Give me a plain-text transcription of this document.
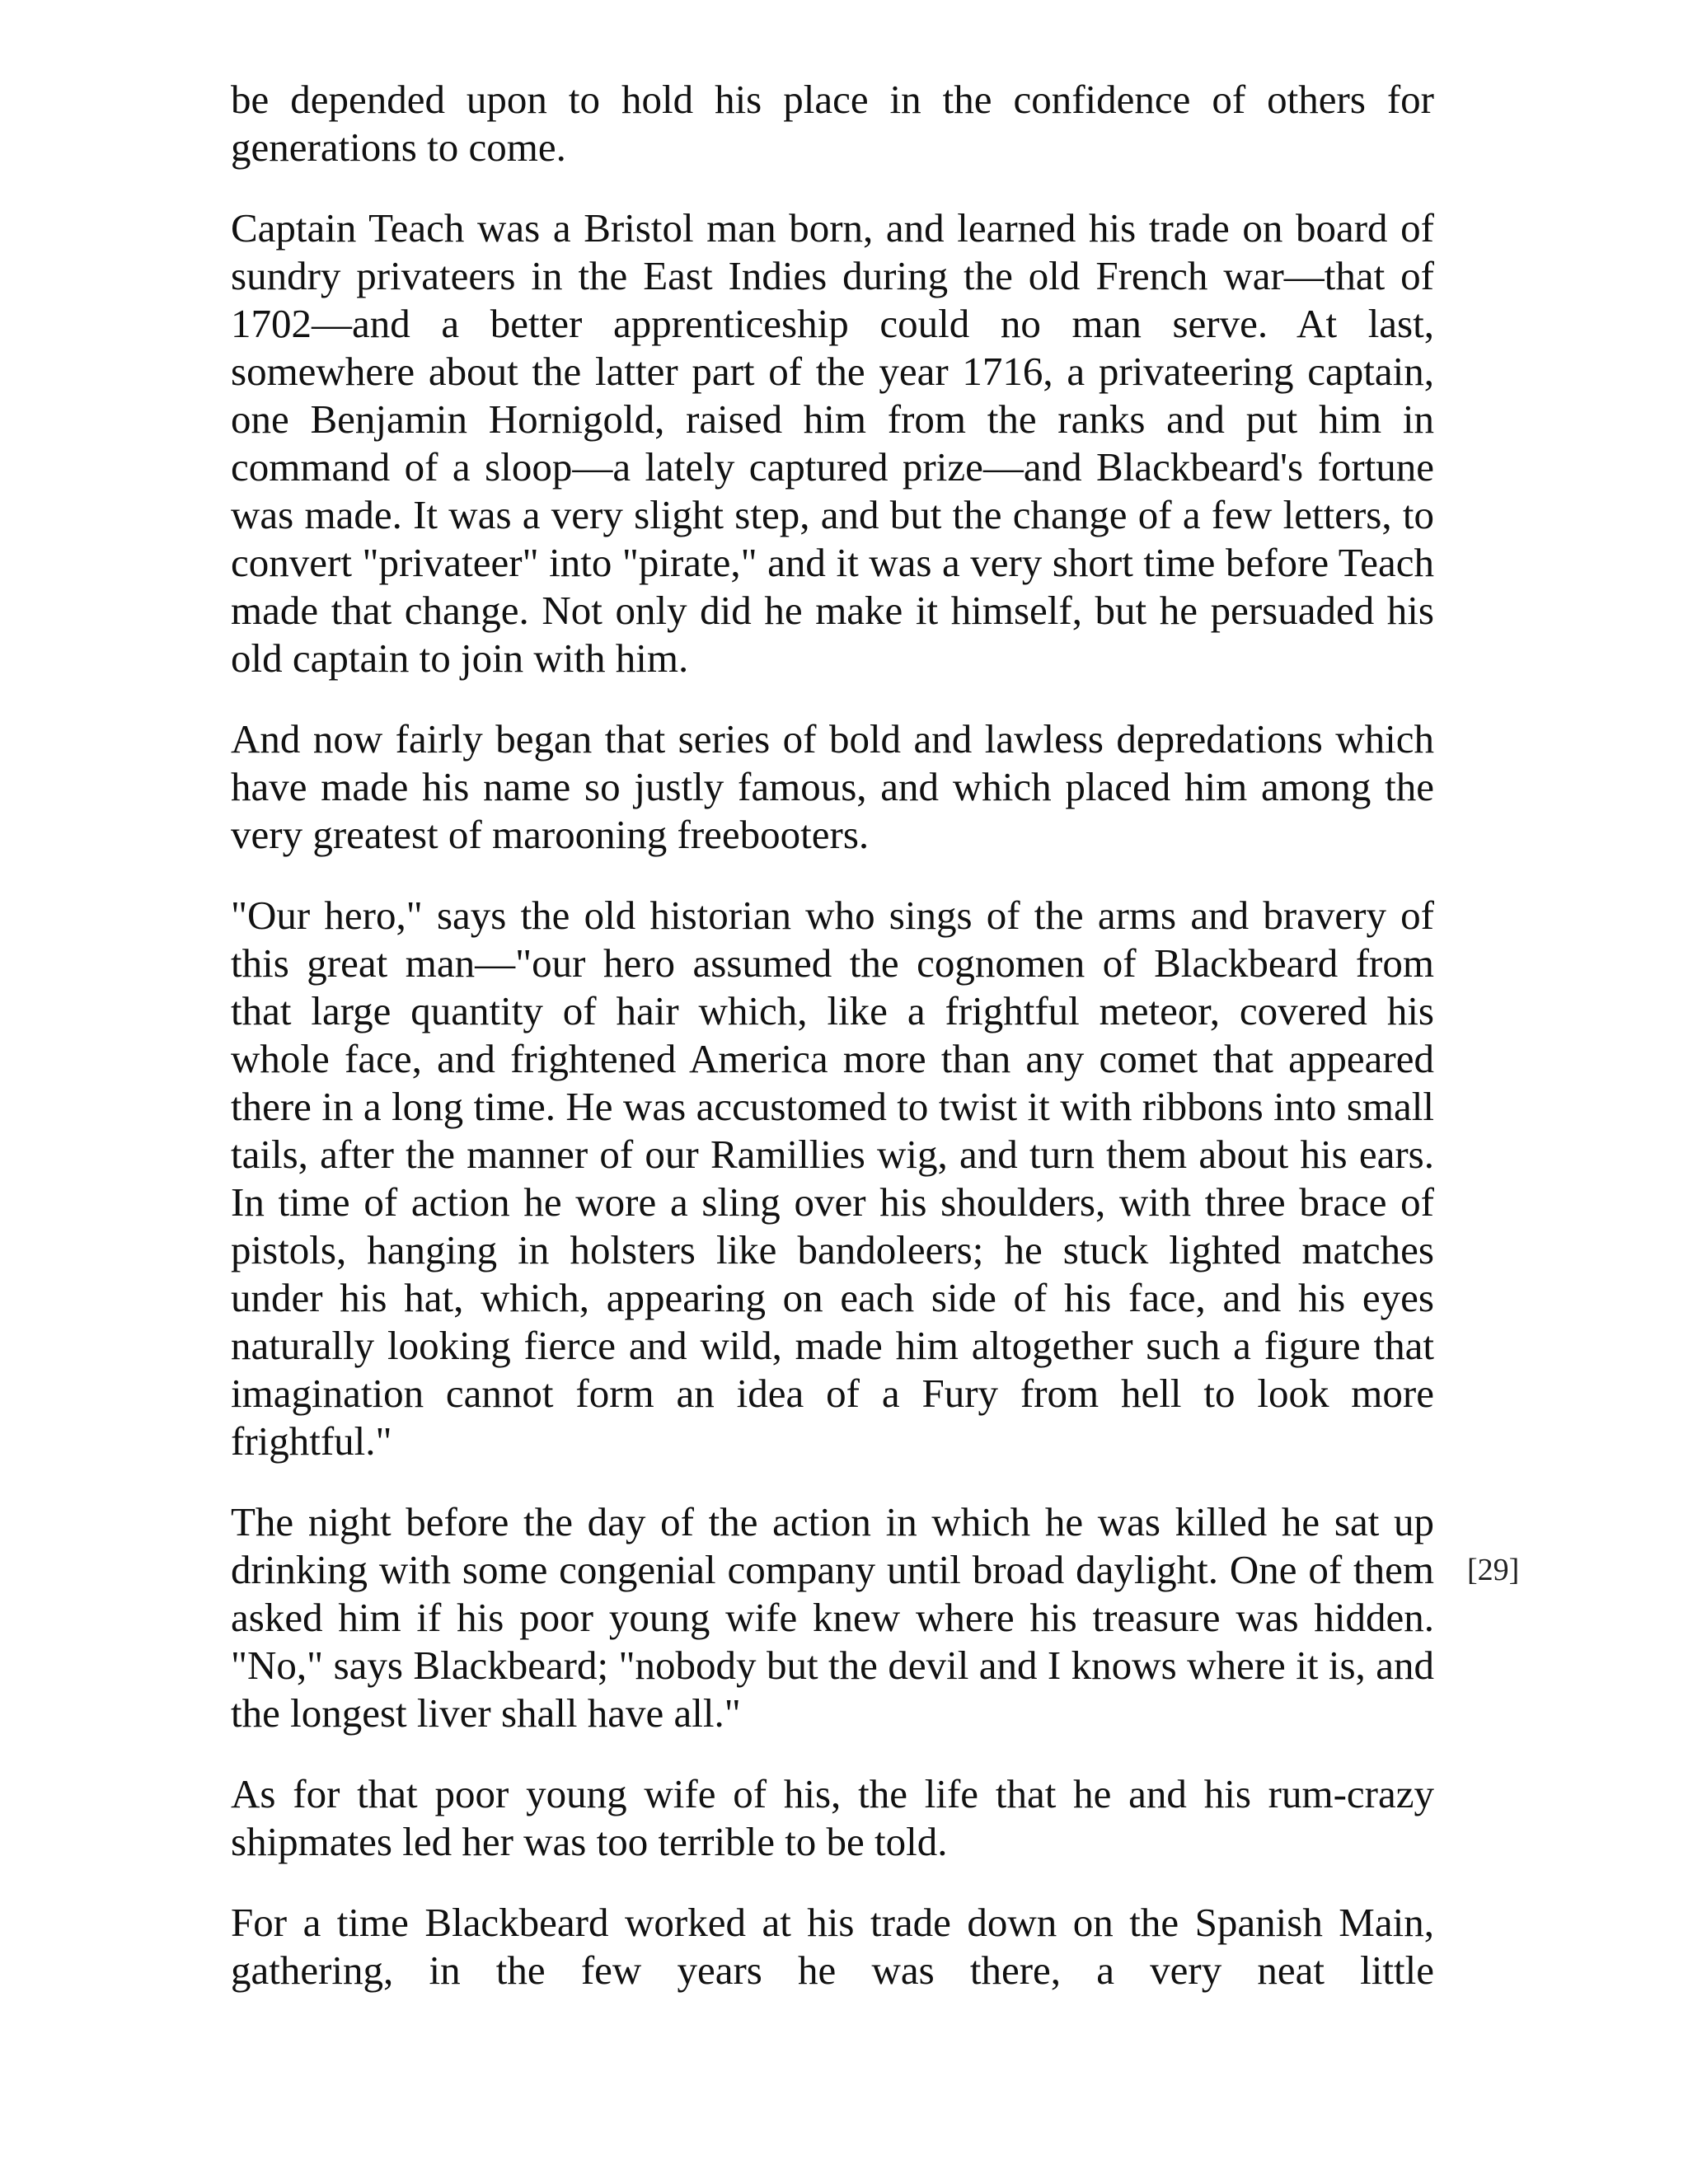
be depended upon to hold his place in the confidence of others for generations to come.

Captain Teach was a Bristol man born, and learned his trade on board of sundry privateers in the East Indies during the old French war—that of 1702—and a better apprenticeship could no man serve. At last, somewhere about the latter part of the year 1716, a privateering captain, one Benjamin Hornigold, raised him from the ranks and put him in command of a sloop—a lately captured prize—and Blackbeard's fortune was made. It was a very slight step, and but the change of a few letters, to convert "privateer" into "pirate," and it was a very short time before Teach made that change. Not only did he make it himself, but he persuaded his old captain to join with him.

And now fairly began that series of bold and lawless depredations which have made his name so justly famous, and which placed him among the very greatest of marooning freebooters.

"Our hero," says the old historian who sings of the arms and bravery of this great man—"our hero assumed the cognomen of Blackbeard from that large quantity of hair which, like a frightful meteor, covered his whole face, and frightened America more than any comet that appeared there in a long time. He was accustomed to twist it with ribbons into small tails, after the manner of our Ramillies wig, and turn them about his ears. In time of action he wore a sling over his shoulders, with three brace of pistols, hanging in holsters like bandoleers; he stuck lighted matches under his hat, which, appearing on each side of his face, and his eyes naturally looking fierce and wild, made him altogether such a figure that imagination cannot form an idea of a Fury from hell to look more frightful."

The night before the day of the action in which he was killed he sat up drinking with some congenial company until broad daylight. One of them asked him if his poor young wife knew where his treasure was hidden. "No," says Blackbeard; "nobody but the devil and I knows where it is, and the longest liver shall have all."

[29]

As for that poor young wife of his, the life that he and his rum-crazy shipmates led her was too terrible to be told.

For a time Blackbeard worked at his trade down on the Spanish Main, gathering, in the few years he was there, a very neat little
